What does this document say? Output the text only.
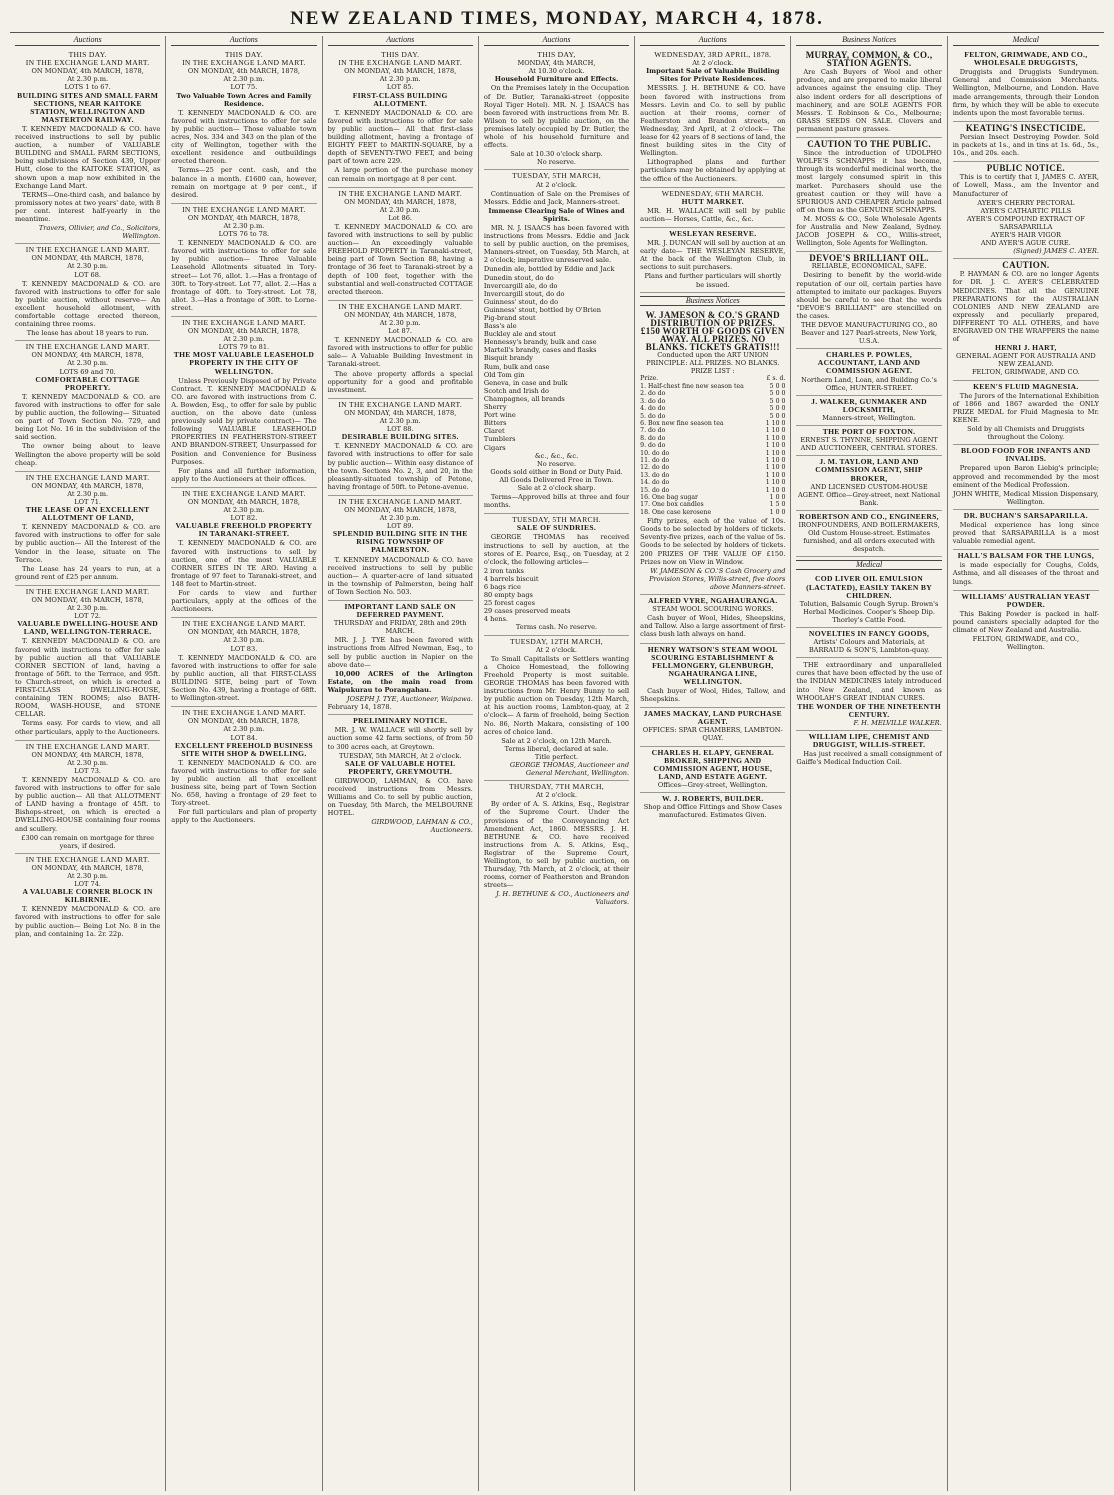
NEW ZEALAND TIMES, MONDAY, MARCH 4, 1878.
Auctions
THIS DAY.
IN THE EXCHANGE LAND MART.
ON MONDAY, 4th MARCH, 1878,
At 2.30 p.m.
LOTS 1 to 67.
BUILDING SITES AND SMALL FARM SECTIONS, NEAR KAITOKE STATION, WELLINGTON AND MASTERTON RAILWAY.
T. KENNEDY MACDONALD & CO. have received instructions to sell by public auction, a number of VALUABLE BUILDING and SMALL FARM SECTIONS, being subdivisions of Section 439, Upper Hutt, close to the KAITOKE STATION, as shown upon a map now exhibited in the Exchange Land Mart.
TERMS—One-third cash, and balance by promissory notes at two years' date, with 8 per cent. interest half-yearly in the meantime.
Travers, Ollivier, and Co., Solicitors, Wellington.
IN THE EXCHANGE LAND MART.
ON MONDAY, 4th MARCH, 1878,
At 2.30 p.m.
LOT 68.
T. KENNEDY MACDONALD & CO. are favored with instructions to offer for sale by public auction, without reserve— An excellent household allotment, with comfortable cottage erected thereon, containing three rooms.
The lease has about 18 years to run.
IN THE EXCHANGE LAND MART.
ON MONDAY, 4th MARCH, 1878,
At 2.30 p.m.
LOTS 69 and 70.
COMFORTABLE COTTAGE PROPERTY.
T. KENNEDY MACDONALD & CO. are favored with instructions to offer for sale by public auction, the following— Situated on part of Town Section No. 729, and being Lot No. 16 in the subdivision of the said section.
The owner being about to leave Wellington the above property will be sold cheap.
IN THE EXCHANGE LAND MART.
ON MONDAY, 4th MARCH, 1878,
At 2.30 p.m.
LOT 71.
THE LEASE OF AN EXCELLENT ALLOTMENT OF LAND,
T. KENNEDY MACDONALD & CO. are favored with instructions to offer for sale by public auction— All the Interest of the Vendor in the lease, situate on The Terrace.
The Lease has 24 years to run, at a ground rent of £25 per annum.
IN THE EXCHANGE LAND MART.
ON MONDAY, 4th MARCH, 1878,
At 2.30 p.m.
LOT 72.
VALUABLE DWELLING-HOUSE AND LAND, WELLINGTON-TERRACE.
T. KENNEDY MACDONALD & CO. are favored with instructions to offer for sale by public auction all that VALUABLE CORNER SECTION of land, having a frontage of 56ft. to the Terrace, and 95ft. to Church-street, on which is erected a FIRST-CLASS DWELLING-HOUSE, containing TEN ROOMS; also BATH-ROOM, WASH-HOUSE, and STONE CELLAR.
Terms easy. For cards to view, and all other particulars, apply to the Auctioneers.
IN THE EXCHANGE LAND MART.
ON MONDAY, 4th MARCH, 1878,
At 2.30 p.m.
LOT 73.
T. KENNEDY MACDONALD & CO. are favored with instructions to offer for sale by public auction— All that ALLOTMENT of LAND having a frontage of 45ft. to Bishops-street, on which is erected a DWELLING-HOUSE containing four rooms and scullery.
£300 can remain on mortgage for three years, if desired.
IN THE EXCHANGE LAND MART.
ON MONDAY, 4th MARCH, 1878,
At 2.30 p.m.
LOT 74.
A VALUABLE CORNER BLOCK IN KILBIRNIE.
T. KENNEDY MACDONALD & CO. are favored with instructions to offer for sale by public auction— Being Lot No. 8 in the plan, and containing 1a. 2r. 22p.
Auctions
THIS DAY.
IN THE EXCHANGE LAND MART.
ON MONDAY, 4th MARCH, 1878,
At 2.30 p.m.
LOT 75.
Two Valuable Town Acres and Family Residence.
T. KENNEDY MACDONALD & CO. are favored with instructions to offer for sale by public auction— Those valuable town acres, Nos. 334 and 343 on the plan of the city of Wellington, together with the excellent residence and outbuildings erected thereon.
Terms—25 per cent. cash, and the balance in a month. £1600 can, however, remain on mortgage at 9 per cent., if desired.
IN THE EXCHANGE LAND MART.
ON MONDAY, 4th MARCH, 1878,
At 2.30 p.m.
LOTS 76 to 78.
T. KENNEDY MACDONALD & CO. are favored with instructions to offer for sale by public auction— Three Valuable Leasehold Allotments situated in Tory-street— Lot 76, allot. 1.—Has a frontage of 30ft. to Tory-street. Lot 77, allot. 2.—Has a frontage of 40ft. to Tory-street. Lot 78, allot. 3.—Has a frontage of 30ft. to Lorne-street.
IN THE EXCHANGE LAND MART.
ON MONDAY, 4th MARCH, 1878,
At 2.30 p.m.
LOTS 79 to 81.
THE MOST VALUABLE LEASEHOLD PROPERTY IN THE CITY OF WELLINGTON.
Unless Previously Disposed of by Private Contract. T. KENNEDY MACDONALD & CO. are favored with instructions from C. A. Bowden, Esq., to offer for sale by public auction, on the above date (unless previously sold by private contract)— The following VALUABLE LEASEHOLD PROPERTIES IN FEATHERSTON-STREET AND BRANDON-STREET, Unsurpassed for Position and Convenience for Business Purposes.
For plans and all further information, apply to the Auctioneers at their offices.
IN THE EXCHANGE LAND MART.
ON MONDAY, 4th MARCH, 1878,
At 2.30 p.m.
LOT 82.
VALUABLE FREEHOLD PROPERTY IN TARANAKI-STREET.
T. KENNEDY MACDONALD & CO. are favored with instructions to sell by auction, one of the most VALUABLE CORNER SITES IN TE ARO. Having a frontage of 97 feet to Taranaki-street, and 148 feet to Martin-street.
For cards to view and further particulars, apply at the offices of the Auctioneers.
IN THE EXCHANGE LAND MART.
ON MONDAY, 4th MARCH, 1878,
At 2.30 p.m.
LOT 83.
T. KENNEDY MACDONALD & CO. are favored with instructions to offer for sale by public auction, all that FIRST-CLASS BUILDING SITE, being part of Town Section No. 439, having a frontage of 68ft. to Wellington-street.
IN THE EXCHANGE LAND MART.
ON MONDAY, 4th MARCH, 1878,
At 2.30 p.m.
LOT 84.
EXCELLENT FREEHOLD BUSINESS SITE WITH SHOP & DWELLING.
T. KENNEDY MACDONALD & CO. are favored with instructions to offer for sale by public auction all that excellent business site, being part of Town Section No. 658, having a frontage of 29 feet to Tory-street.
For full particulars and plan of property apply to the Auctioneers.
Auctions
THIS DAY.
IN THE EXCHANGE LAND MART.
ON MONDAY, 4th MARCH, 1878,
At 2.30 p.m.
LOT 85.
FIRST-CLASS BUILDING ALLOTMENT.
T. KENNEDY MACDONALD & CO. are favored with instructions to offer for sale by public auction— All that first-class building allotment, having a frontage of EIGHTY FEET to MARTIN-SQUARE, by a depth of SEVENTY-TWO FEET, and being part of town acre 229.
A large portion of the purchase money can remain on mortgage at 8 per cent.
IN THE EXCHANGE LAND MART.
ON MONDAY, 4th MARCH, 1878,
At 2.30 p.m.
Lot 86.
T. KENNEDY MACDONALD & CO. are favored with instructions to sell by public auction— An exceedingly valuable FREEHOLD PROPERTY in Taranaki-street, being part of Town Section 88, having a frontage of 36 feet to Taranaki-street by a depth of 100 feet, together with the substantial and well-constructed COTTAGE erected thereon.
IN THE EXCHANGE LAND MART.
ON MONDAY, 4th MARCH, 1878,
At 2.30 p.m.
Lot 87.
T. KENNEDY MACDONALD & CO. are favored with instructions to offer for public sale— A Valuable Building Investment in Taranaki-street.
The above property affords a special opportunity for a good and profitable investment.
IN THE EXCHANGE LAND MART.
ON MONDAY, 4th MARCH, 1878,
At 2.30 p.m.
LOT 88.
DESIRABLE BUILDING SITES.
T. KENNEDY MACDONALD & CO. are favored with instructions to offer for sale by public auction— Within easy distance of the town. Sections No. 2, 3, and 20, in the pleasantly-situated township of Petone, having frontage of 50ft. to Petone-avenue.
IN THE EXCHANGE LAND MART.
ON MONDAY, 4th MARCH, 1878,
At 2.30 p.m.
LOT 89.
SPLENDID BUILDING SITE IN THE RISING TOWNSHIP OF PALMERSTON.
T. KENNEDY MACDONALD & CO. have received instructions to sell by public auction— A quarter-acre of land situated in the township of Palmerston, being half of Town Section No. 503.
IMPORTANT LAND SALE ON DEFERRED PAYMENT.
THURSDAY and FRIDAY, 28th and 29th MARCH.
MR. J. J. TYE has been favored with instructions from Alfred Newman, Esq., to sell by public auction in Napier on the above date—
10,000 ACRES of the Arlington Estate, on the main road from Waipukurau to Porangahau.
JOSEPH J. TYE, Auctioneer, Waipawa.
February 14, 1878.
PRELIMINARY NOTICE.
MR. J. W. WALLACE will shortly sell by auction some 42 farm sections, of from 50 to 300 acres each, at Greytown.
TUESDAY, 5th MARCH, At 2 o'clock.
SALE OF VALUABLE HOTEL PROPERTY, GREYMOUTH.
GIRDWOOD, LAHMAN, & CO. have received instructions from Messrs. Williams and Co. to sell by public auction, on Tuesday, 5th March, the MELBOURNE HOTEL.
GIRDWOOD, LAHMAN & CO., Auctioneers.
Auctions
THIS DAY,
MONDAY, 4th MARCH,
At 10.30 o'clock.
Household Furniture and Effects.
On the Premises lately in the Occupation of Dr. Butler, Taranaki-street (opposite Royal Tiger Hotel). MR. N. J. ISAACS has been favored with instructions from Mr. B. Wilson to sell by public auction, on the premises lately occupied by Dr. Butler, the whole of his household furniture and effects.
Sale at 10.30 o'clock sharp.
No reserve.
TUESDAY, 5TH MARCH,
At 2 o'clock.
Continuation of Sale on the Premises of Messrs. Eddie and Jack, Manners-street.
Immense Clearing Sale of Wines and Spirits.
MR. N. J. ISAACS has been favored with instructions from Messrs. Eddie and Jack to sell by public auction, on the premises, Manners-street, on Tuesday, 5th March, at 2 o'clock; imperative unreserved sale.
Dunedin ale, bottled by Eddie and Jack
Dunedin stout, do do
Invercargill ale, do do
Invercargill stout, do do
Guinness' stout, do do
Guinness' stout, bottled by O'Brien
Pig-brand stout
Bass's ale
Buckley ale and stout
Hennessy's brandy, bulk and case
Martell's brandy, cases and flasks
Bisquit brandy
Rum, bulk and case
Old Tom gin
Geneva, in case and bulk
Scotch and Irish do
Champagnes, all brands
Sherry
Port wine
Bitters
Claret
Tumblers
Cigars
&c., &c., &c.
No reserve.
Goods sold either in Bond or Duty Paid.
All Goods Delivered Free in Town.
Sale at 2 o'clock sharp.
Terms—Approved bills at three and four months.
TUESDAY, 5TH MARCH.
SALE OF SUNDRIES.
GEORGE THOMAS has received instructions to sell by auction, at the stores of E. Pearce, Esq., on Tuesday, at 2 o'clock, the following articles—
2 iron tanks
4 barrels biscuit
6 bags rice
80 empty bags
25 forest cages
29 cases preserved meats
4 hens.
Terms cash. No reserve.
TUESDAY, 12TH MARCH,
At 2 o'clock.
To Small Capitalists or Settlers wanting a Choice Homestead, the following Freehold Property is most suitable. GEORGE THOMAS has been favored with instructions from Mr. Henry Bunny to sell by public auction on Tuesday, 12th March, at his auction rooms, Lambton-quay, at 2 o'clock— A farm of freehold, being Section No. 86, North Makara, consisting of 100 acres of choice land.
Sale at 2 o'clock, on 12th March.
Terms liberal, declared at sale.
Title perfect.
GEORGE THOMAS, Auctioneer and General Merchant, Wellington.
THURSDAY, 7TH MARCH,
At 2 o'clock.
By order of A. S. Atkins, Esq., Registrar of the Supreme Court. Under the provisions of the Conveyancing Act Amendment Act, 1860. MESSRS. J. H. BETHUNE & CO. have received instructions from A. S. Atkins, Esq., Registrar of the Supreme Court, Wellington, to sell by public auction, on Thursday, 7th March, at 2 o'clock, at their rooms, corner of Featherston and Brandon streets—
J. H. BETHUNE & CO., Auctioneers and Valuators.
Auctions
WEDNESDAY, 3RD APRIL, 1878.
At 2 o'clock.
Important Sale of Valuable Building Sites for Private Residences.
MESSRS. J. H. BETHUNE & CO. have been favored with instructions from Messrs. Levin and Co. to sell by public auction at their rooms, corner of Featherston and Brandon streets, on Wednesday, 3rd April, at 2 o'clock— The lease for 42 years of 8 sections of land, the finest building sites in the City of Wellington.
Lithographed plans and further particulars may be obtained by applying at the office of the Auctioneers.
WEDNESDAY, 6TH MARCH.
HUTT MARKET.
MR. H. WALLACE will sell by public auction— Horses, Cattle, &c., &c.
WESLEYAN RESERVE.
MR. J. DUNCAN will sell by auction at an early date— THE WESLEYAN RESERVE, At the back of the Wellington Club, in sections to suit purchasers.
Plans and further particulars will shortly be issued.
Business Notices
W. JAMESON & CO.'S GRAND DISTRIBUTION OF PRIZES. £150 WORTH OF GOODS GIVEN AWAY. ALL PRIZES. NO BLANKS. TICKETS GRATIS!!!
Conducted upon the ART UNION PRINCIPLE: ALL PRIZES. NO BLANKS.
PRIZE LIST :
Prize.	£ s. d.
1. Half-chest fine new season tea	5 0 0
2. do do	5 0 0
3. do do	5 0 0
4. do do	5 0 0
5. do do	5 0 0
6. Box new fine season tea	1 10 0
7. do do	1 10 0
8. do do	1 10 0
9. do do	1 10 0
10. do do	1 10 0
11. do do	1 10 0
12. do do	1 10 0
13. do do	1 10 0
14. do do	1 10 0
15. do do	1 10 0
16. One bag sugar	1 0 0
17. One box candles	1 5 0
18. One case kerosene	1 0 0
Fifty prizes, each of the value of 10s. Goods to be selected by holders of tickets. Seventy-five prizes, each of the value of 5s. Goods to be selected by holders of tickets. 200 PRIZES OF THE VALUE OF £150. Prizes now on View in Window.
W. JAMESON & CO.'S Cash Grocery and Provision Stores, Willis-street, five doors above Manners-street.
ALFRED VYRE, NGAHAURANGA.
STEAM WOOL SCOURING WORKS.
Cash buyer of Wool, Hides, Sheepskins, and Tallow. Also a large assortment of first-class bush lath always on hand.
HENRY WATSON'S STEAM WOOL SCOURING ESTABLISHMENT & FELLMONGERY, GLENBURGH, NGAHAURANGA LINE, WELLINGTON.
Cash buyer of Wool, Hides, Tallow, and Sheepskins.
JAMES MACKAY, LAND PURCHASE AGENT.
OFFICES: SPAR CHAMBERS, LAMBTON-QUAY.
CHARLES H. ELAPY, GENERAL BROKER, SHIPPING AND COMMISSION AGENT, HOUSE, LAND, AND ESTATE AGENT.
Offices—Grey-street, Wellington.
W. J. ROBERTS, BUILDER.
Shop and Office Fittings and Show Cases manufactured. Estimates Given.
Business Notices
MURRAY, COMMON, & CO., STATION AGENTS.
Are Cash Buyers of Wool and other produce, and are prepared to make liberal advances against the ensuing clip. They also indent orders for all descriptions of machinery, and are SOLE AGENTS FOR Messrs. T. Robinson & Co., Melbourne; GRASS SEEDS ON SALE. Clovers and permanent pasture grasses.
CAUTION TO THE PUBLIC.
Since the introduction of UDOLPHO WOLFE'S SCHNAPPS it has become, through its wonderful medicinal worth, the most largely consumed spirit in this market. Purchasers should use the greatest caution or they will have a SPURIOUS AND CHEAPER Article palmed off on them as the GENUINE SCHNAPPS.
M. MOSS & CO., Sole Wholesale Agents for Australia and New Zealand, Sydney. JACOB JOSEPH & CO., Willis-street, Wellington, Sole Agents for Wellington.
DEVOE'S BRILLIANT OIL.
RELIABLE, ECONOMICAL, SAFE.
Desiring to benefit by the world-wide reputation of our oil, certain parties have attempted to imitate our packages. Buyers should be careful to see that the words "DEVOE'S BRILLIANT" are stencilled on the cases.
THE DEVOE MANUFACTURING CO., 80 Beaver and 127 Pearl-streets, New York, U.S.A.
CHARLES P. POWLES, ACCOUNTANT, LAND AND COMMISSION AGENT.
Northern Land, Loan, and Building Co.'s Office, HUNTER-STREET.
J. WALKER, GUNMAKER AND LOCKSMITH,
Manners-street, Wellington.
THE PORT OF FOXTON.
ERNEST S. THYNNE, SHIPPING AGENT AND AUCTIONEER, CENTRAL STORES.
J. M. TAYLOR, LAND AND COMMISSION AGENT, SHIP BROKER,
AND LICENSED CUSTOM-HOUSE AGENT. Office—Grey-street, next National Bank.
ROBERTSON AND CO., ENGINEERS,
IRONFOUNDERS, AND BOILERMAKERS, Old Custom House-street. Estimates furnished, and all orders executed with despatch.
Medical
COD LIVER OIL EMULSION (LACTATED), EASILY TAKEN BY CHILDREN.
Tolution, Balsamic Cough Syrup. Brown's Herbal Medicines. Cooper's Sheep Dip. Thorley's Cattle Food.
NOVELTIES IN FANCY GOODS,
Artists' Colours and Materials, at BARRAUD & SON'S, Lambton-quay.
THE extraordinary and unparalleled cures that have been effected by the use of the INDIAN MEDICINES lately introduced into New Zealand, and known as WHOOLAH'S GREAT INDIAN CURES.
THE WONDER OF THE NINETEENTH CENTURY.
F. H. MELVILLE WALKER.
WILLIAM LIPE, CHEMIST AND DRUGGIST, WILLIS-STREET.
Has just received a small consignment of Gaiffe's Medical Induction Coil.
Medical
FELTON, GRIMWADE, AND CO., WHOLESALE DRUGGISTS,
Druggists and Druggists Sundrymen. General and Commission Merchants. Wellington, Melbourne, and London. Have made arrangements, through their London firm, by which they will be able to execute indents upon the most favorable terms.
KEATING'S INSECTICIDE.
Persian Insect Destroying Powder. Sold in packets at 1s., and in tins at 1s. 6d., 5s., 10s., and 20s. each.
PUBLIC NOTICE.
This is to certify that I, JAMES C. AYER, of Lowell, Mass., am the Inventor and Manufacturer of
AYER'S CHERRY PECTORAL
AYER'S CATHARTIC PILLS
AYER'S COMPOUND EXTRACT OF SARSAPARILLA
AYER'S HAIR VIGOR
AND AYER'S AGUE CURE.
(Signed) JAMES C. AYER.
CAUTION.
P. HAYMAN & CO. are no longer Agents for DR. J. C. AYER'S CELEBRATED MEDICINES. That all the GENUINE PREPARATIONS for the AUSTRALIAN COLONIES AND NEW ZEALAND are expressly and peculiarly prepared, DIFFERENT TO ALL OTHERS, and have ENGRAVED ON THE WRAPPERS the name of
HENRI J. HART,
GENERAL AGENT FOR AUSTRALIA AND NEW ZEALAND.
FELTON, GRIMWADE, AND CO.
KEEN'S FLUID MAGNESIA.
The Jurors of the International Exhibition of 1866 and 1867 awarded the ONLY PRIZE MEDAL for Fluid Magnesia to Mr. KEENE.
Sold by all Chemists and Druggists throughout the Colony.
BLOOD FOOD FOR INFANTS AND INVALIDS.
Prepared upon Baron Liebig's principle; approved and recommended by the most eminent of the Medical Profession.
JOHN WHITE, Medical Mission Dispensary, Wellington.
DR. BUCHAN'S SARSAPARILLA.
Medical experience has long since proved that SARSAPARILLA is a most valuable remedial agent.
HALL'S BALSAM FOR THE LUNGS,
is made especially for Coughs, Colds, Asthma, and all diseases of the throat and lungs.
WILLIAMS' AUSTRALIAN YEAST POWDER.
This Baking Powder is packed in half-pound canisters specially adapted for the climate of New Zealand and Australia.
FELTON, GRIMWADE, and CO., Wellington.
